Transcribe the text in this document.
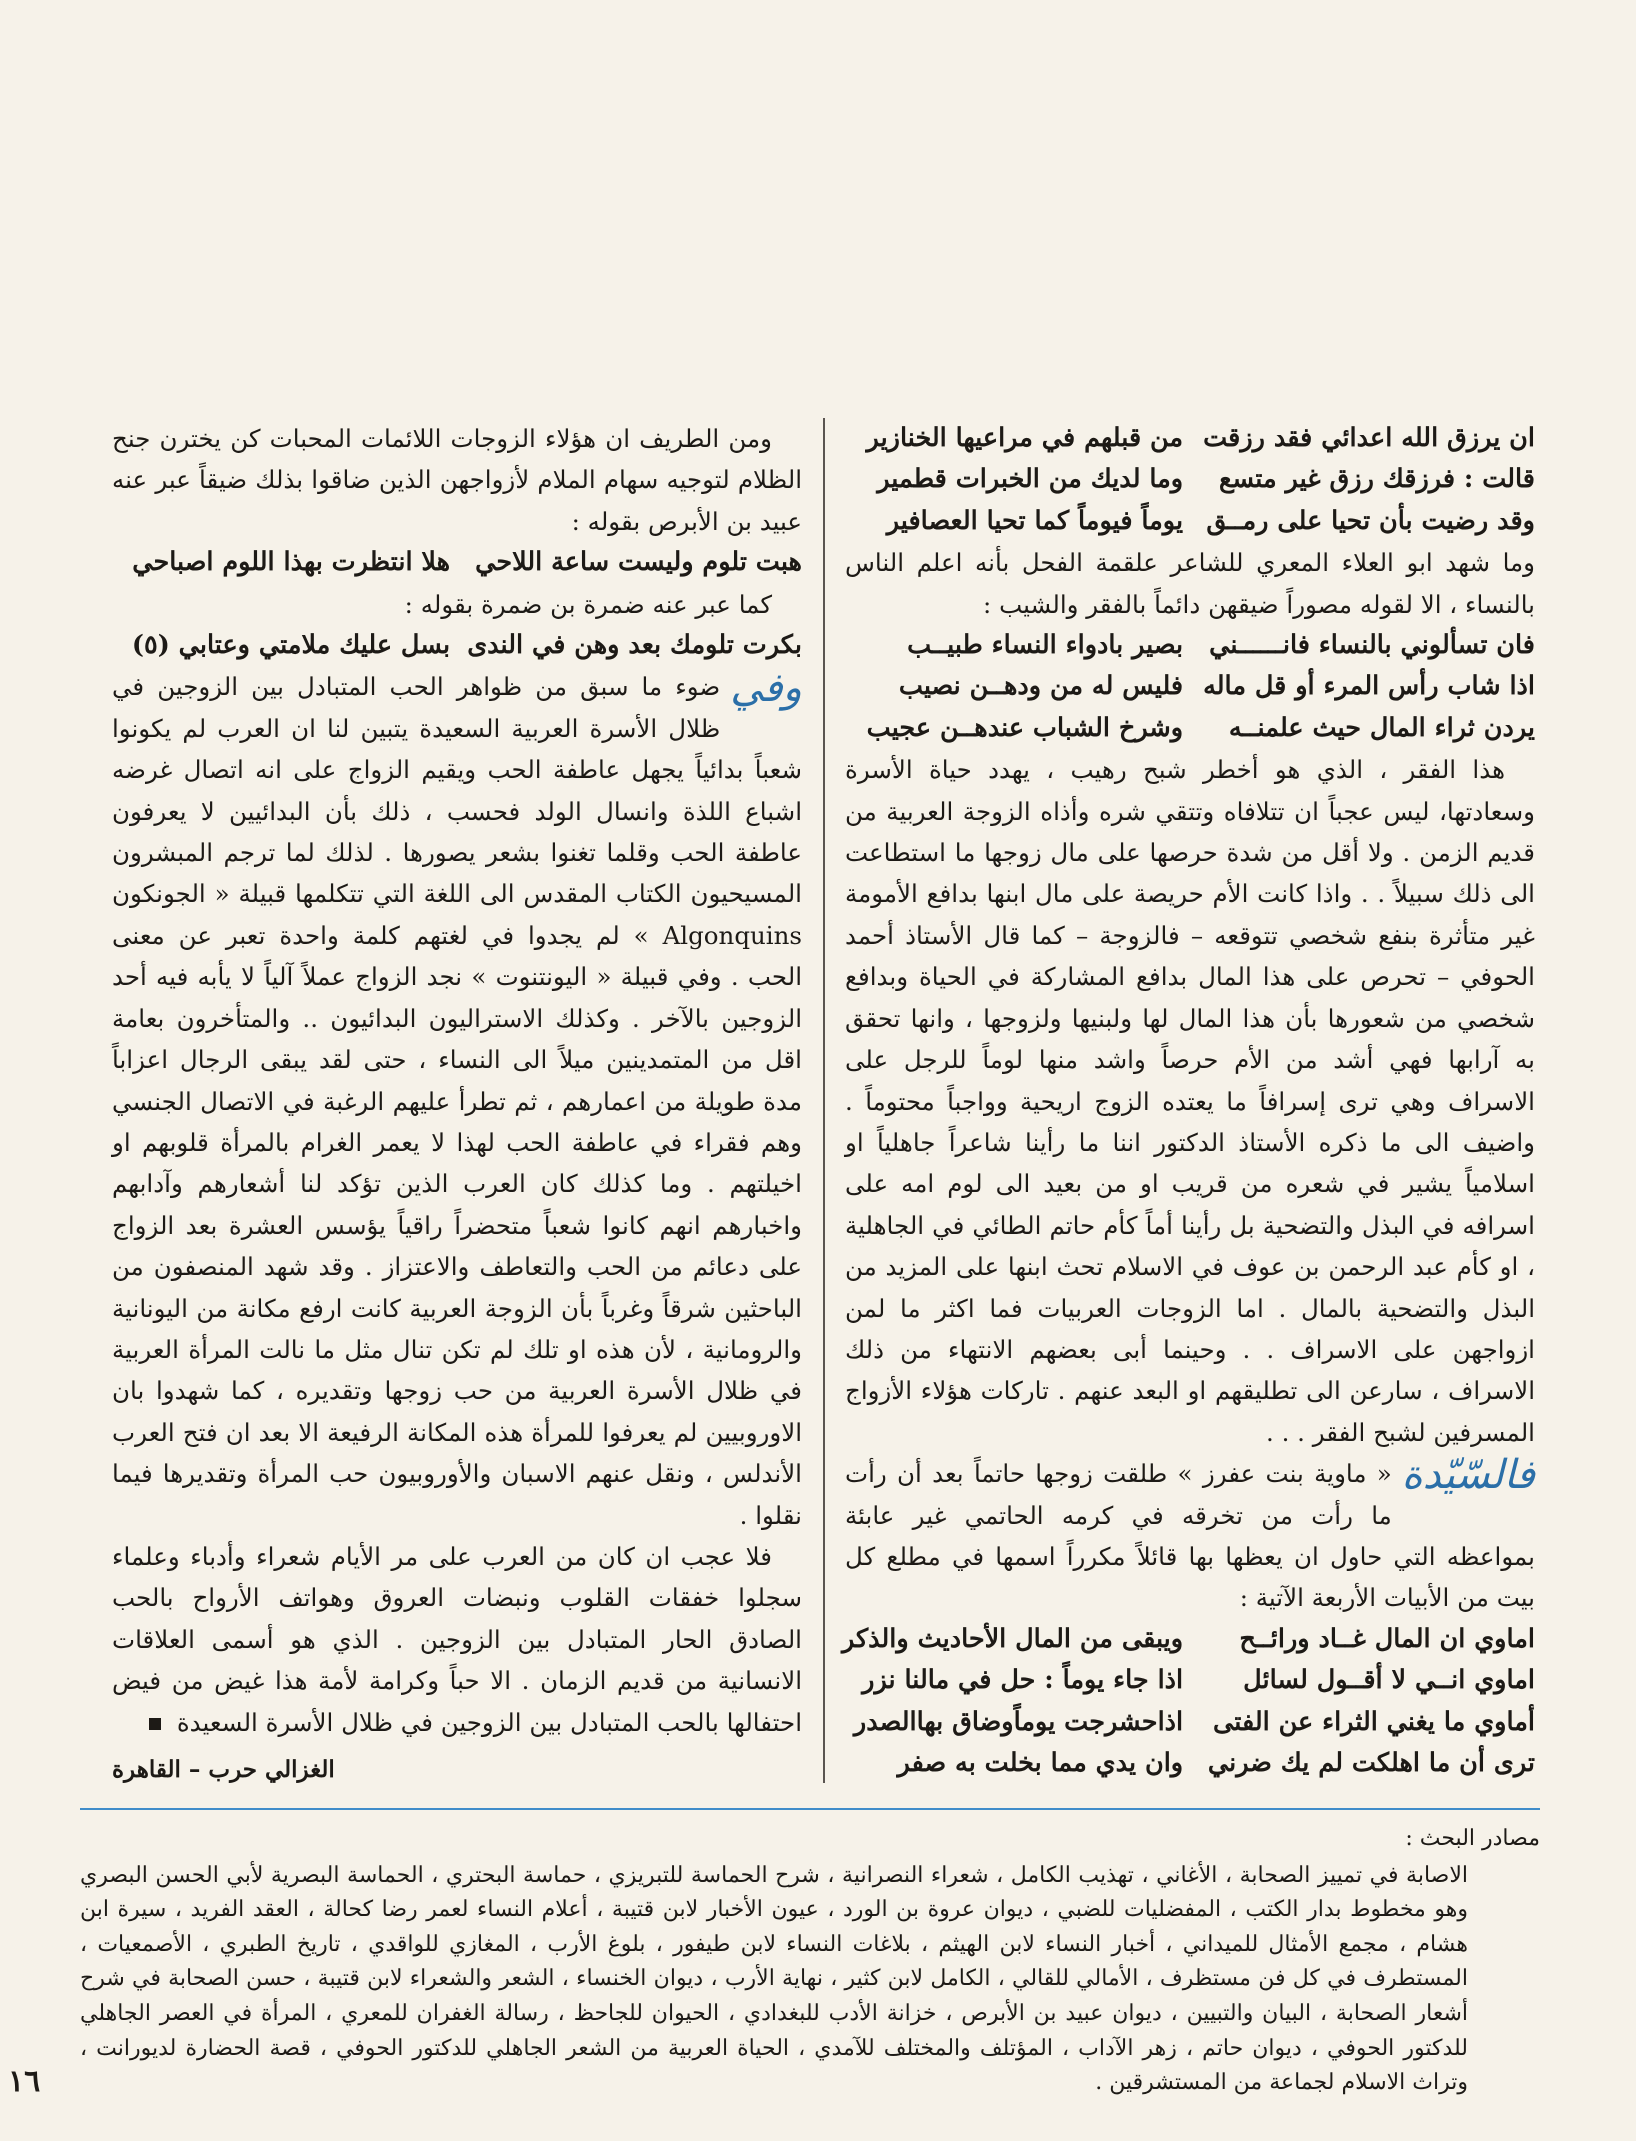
ان يرزق الله اعدائي فقد رزقت
من قبلهم في مراعيها الخنازير
قالت : فرزقك رزق غير متسع
وما لديك من الخبرات قطمير
وقد رضيت بأن تحيا على رمــق
يوماً فيوماً كما تحيا العصافير

وما شهد ابو العلاء المعري للشاعر علقمة الفحل بأنه اعلم الناس بالنساء ، الا لقوله مصوراً ضيقهن دائماً بالفقر والشيب :

فان تسألوني بالنساء فانــــــني
بصير بادواء النساء طبيــب
اذا شاب رأس المرء أو قل ماله
فليس له من ودهــن نصيب
يردن ثراء المال حيث علمنــه
وشرخ الشباب عندهــن عجيب

هذا الفقر ، الذي هو أخطر شبح رهيب ، يهدد حياة الأسرة وسعادتها، ليس عجباً ان تتلافاه وتتقي شره وأذاه الزوجة العربية من قديم الزمن . ولا أقل من شدة حرصها على مال زوجها ما استطاعت الى ذلك سبيلاً . . واذا كانت الأم حريصة على مال ابنها بدافع الأمومة غير متأثرة بنفع شخصي تتوقعه – فالزوجة – كما قال الأستاذ أحمد الحوفي – تحرص على هذا المال بدافع المشاركة في الحياة وبدافع شخصي من شعورها بأن هذا المال لها ولبنيها ولزوجها ، وانها تحقق به آرابها فهي أشد من الأم حرصاً واشد منها لوماً للرجل على الاسراف وهي ترى إسرافاً ما يعتده الزوج اريحية وواجباً محتوماً . واضيف الى ما ذكره الأستاذ الدكتور اننا ما رأينا شاعراً جاهلياً او اسلامياً يشير في شعره من قريب او من بعيد الى لوم امه على اسرافه في البذل والتضحية بل رأينا أماً كأم حاتم الطائي في الجاهلية ، او كأم عبد الرحمن بن عوف في الاسلام تحث ابنها على المزيد من البذل والتضحية بالمال . اما الزوجات العربيات فما اكثر ما لمن ازواجهن على الاسراف . . وحينما أبى بعضهم الانتهاء من ذلك الاسراف ، سارعن الى تطليقهم او البعد عنهم . تاركات هؤلاء الأزواج المسرفين لشبح الفقر . . .

فالسّيّدة
« ماوية بنت عفرز » طلقت زوجها حاتماً بعد أن رأت ما رأت من تخرقه في كرمه الحاتمي غير عابئة بمواعظه التي حاول ان يعظها بها قائلاً مكرراً اسمها في مطلع كل بيت من الأبيات الأربعة الآتية :

اماوي ان المال غــاد ورائــح
ويبقى من المال الأحاديث والذكر
اماوي انــي لا أقــول لسائل
اذا جاء يوماً : حل في مالنا نزر
أماوي ما يغني الثراء عن الفتى
اذاحشرجت يوماًوضاق بهاالصدر
ترى أن ما اهلكت لم يك ضرني
وان يدي مما بخلت به صفر

ومن الطريف ان هؤلاء الزوجات اللائمات المحبات كن يخترن جنح الظلام لتوجيه سهام الملام لأزواجهن الذين ضاقوا بذلك ضيقاً عبر عنه عبيد بن الأبرص بقوله :

هبت تلوم وليست ساعة اللاحي
هلا انتظرت بهذا اللوم اصباحي

كما عبر عنه ضمرة بن ضمرة بقوله :

بكرت تلومك بعد وهن في الندى
بسل عليك ملامتي وعتابي (٥)

وفي
ضوء ما سبق من ظواهر الحب المتبادل بين الزوجين في ظلال الأسرة العربية السعيدة يتبين لنا ان العرب لم يكونوا شعباً بدائياً يجهل عاطفة الحب ويقيم الزواج على انه اتصال غرضه اشباع اللذة وانسال الولد فحسب ، ذلك بأن البدائيين لا يعرفون عاطفة الحب وقلما تغنوا بشعر يصورها . لذلك لما ترجم المبشرون المسيحيون الكتاب المقدس الى اللغة التي تتكلمها قبيلة « الجونكون Algonquins » لم يجدوا في لغتهم كلمة واحدة تعبر عن معنى الحب . وفي قبيلة « اليونتنوت » نجد الزواج عملاً آلياً لا يأبه فيه أحد الزوجين بالآخر . وكذلك الاستراليون البدائيون .. والمتأخرون بعامة اقل من المتمدينين ميلاً الى النساء ، حتى لقد يبقى الرجال اعزاباً مدة طويلة من اعمارهم ، ثم تطرأ عليهم الرغبة في الاتصال الجنسي وهم فقراء في عاطفة الحب لهذا لا يعمر الغرام بالمرأة قلوبهم او اخيلتهم . وما كذلك كان العرب الذين تؤكد لنا أشعارهم وآدابهم واخبارهم انهم كانوا شعباً متحضراً راقياً يؤسس العشرة بعد الزواج على دعائم من الحب والتعاطف والاعتزاز . وقد شهد المنصفون من الباحثين شرقاً وغرباً بأن الزوجة العربية كانت ارفع مكانة من اليونانية والرومانية ، لأن هذه او تلك لم تكن تنال مثل ما نالت المرأة العربية في ظلال الأسرة العربية من حب زوجها وتقديره ، كما شهدوا بان الاوروبيين لم يعرفوا للمرأة هذه المكانة الرفيعة الا بعد ان فتح العرب الأندلس ، ونقل عنهم الاسبان والأوروبيون حب المرأة وتقديرها فيما نقلوا .

فلا عجب ان كان من العرب على مر الأيام شعراء وأدباء وعلماء سجلوا خفقات القلوب ونبضات العروق وهواتف الأرواح بالحب الصادق الحار المتبادل بين الزوجين . الذي هو أسمى العلاقات الانسانية من قديم الزمان . الا حباً وكرامة لأمة هذا غيض من فيض احتفالها بالحب المتبادل بين الزوجين في ظلال الأسرة السعيدة

الغزالي حرب – القاهرة
مصادر البحث :
الاصابة في تمييز الصحابة ، الأغاني ، تهذيب الكامل ، شعراء النصرانية ، شرح الحماسة للتبريزي ، حماسة البحتري ، الحماسة البصرية لأبي الحسن البصري وهو مخطوط بدار الكتب ، المفضليات للضبي ، ديوان عروة بن الورد ، عيون الأخبار لابن قتيبة ، أعلام النساء لعمر رضا كحالة ، العقد الفريد ، سيرة ابن هشام ، مجمع الأمثال للميداني ، أخبار النساء لابن الهيثم ، بلاغات النساء لابن طيفور ، بلوغ الأرب ، المغازي للواقدي ، تاريخ الطبري ، الأصمعيات ، المستطرف في كل فن مستظرف ، الأمالي للقالي ، الكامل لابن كثير ، نهاية الأرب ، ديوان الخنساء ، الشعر والشعراء لابن قتيبة ، حسن الصحابة في شرح أشعار الصحابة ، البيان والتبيين ، ديوان عبيد بن الأبرص ، خزانة الأدب للبغدادي ، الحيوان للجاحظ ، رسالة الغفران للمعري ، المرأة في العصر الجاهلي للدكتور الحوفي ، ديوان حاتم ، زهر الآداب ، المؤتلف والمختلف للآمدي ، الحياة العربية من الشعر الجاهلي للدكتور الحوفي ، قصة الحضارة لديورانت ، وتراث الاسلام لجماعة من المستشرقين .
١٦
